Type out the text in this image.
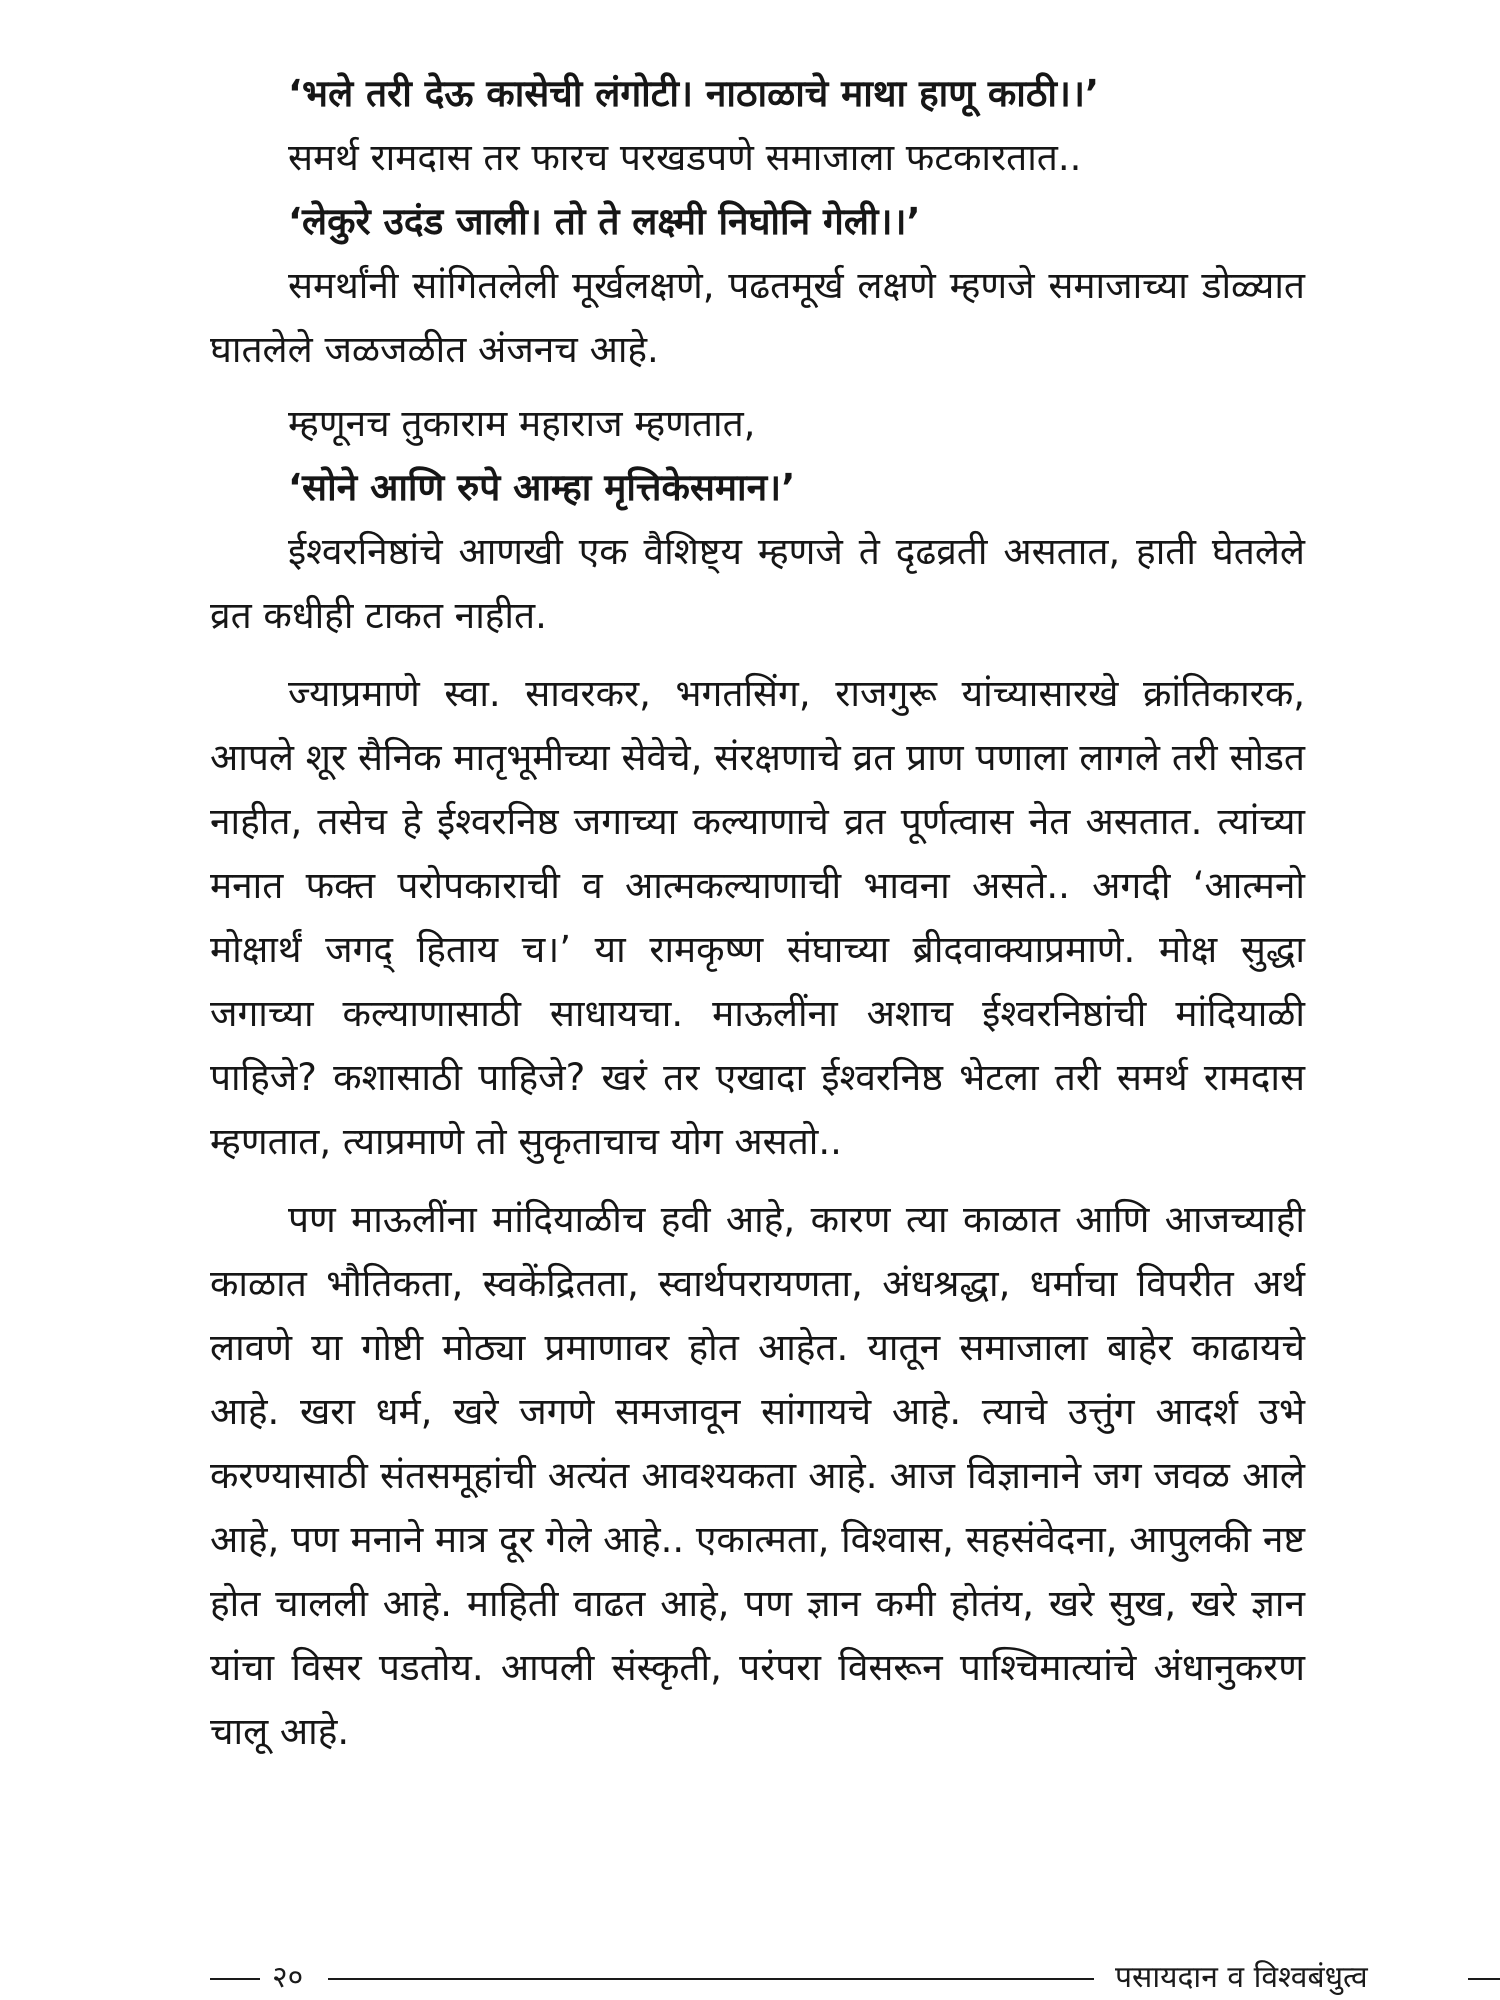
‘भले तरी देऊ कासेची लंगोटी। नाठाळाचे माथा हाणू काठी।।’

समर्थ रामदास तर फारच परखडपणे समाजाला फटकारतात..

‘लेकुरे उदंड जाली। तो ते लक्ष्मी निघोनि गेली।।’

समर्थांनी सांगितलेली मूर्खलक्षणे, पढतमूर्ख लक्षणे म्हणजे समाजाच्या डोळ्यात घातलेले जळजळीत अंजनच आहे.

म्हणूनच तुकाराम महाराज म्हणतात,

‘सोने आणि रुपे आम्हा मृत्तिकेसमान।’

ईश्वरनिष्ठांचे आणखी एक वैशिष्ट्य म्हणजे ते दृढव्रती असतात, हाती घेतलेले व्रत कधीही टाकत नाहीत.

ज्याप्रमाणे स्वा. सावरकर, भगतसिंग, राजगुरू यांच्यासारखे क्रांतिकारक, आपले शूर सैनिक मातृभूमीच्या सेवेचे, संरक्षणाचे व्रत प्राण पणाला लागले तरी सोडत नाहीत, तसेच हे ईश्वरनिष्ठ जगाच्या कल्याणाचे व्रत पूर्णत्वास नेत असतात. त्यांच्या मनात फक्त परोपकाराची व आत्मकल्याणाची भावना असते.. अगदी ‘आत्मनो मोक्षार्थं जगद् हिताय च।’ या रामकृष्ण संघाच्या ब्रीदवाक्याप्रमाणे. मोक्ष सुद्धा जगाच्या कल्याणासाठी साधायचा. माऊलींना अशाच ईश्वरनिष्ठांची मांदियाळी पाहिजे? कशासाठी पाहिजे? खरं तर एखादा ईश्वरनिष्ठ भेटला तरी समर्थ रामदास म्हणतात, त्याप्रमाणे तो सुकृताचाच योग असतो..

पण माऊलींना मांदियाळीच हवी आहे, कारण त्या काळात आणि आजच्याही काळात भौतिकता, स्वकेंद्रितता, स्वार्थपरायणता, अंधश्रद्धा, धर्माचा विपरीत अर्थ लावणे या गोष्टी मोठ्या प्रमाणावर होत आहेत. यातून समाजाला बाहेर काढायचे आहे. खरा धर्म, खरे जगणे समजावून सांगायचे आहे. त्याचे उत्तुंग आदर्श उभे करण्यासाठी संतसमूहांची अत्यंत आवश्यकता आहे. आज विज्ञानाने जग जवळ आले आहे, पण मनाने मात्र दूर गेले आहे.. एकात्मता, विश्वास, सहसंवेदना, आपुलकी नष्ट होत चालली आहे. माहिती वाढत आहे, पण ज्ञान कमी होतंय, खरे सुख, खरे ज्ञान यांचा विसर पडतोय. आपली संस्कृती, परंपरा विसरून पाश्चिमात्यांचे अंधानुकरण चालू आहे.

२०	पसायदान व विश्वबंधुत्व
